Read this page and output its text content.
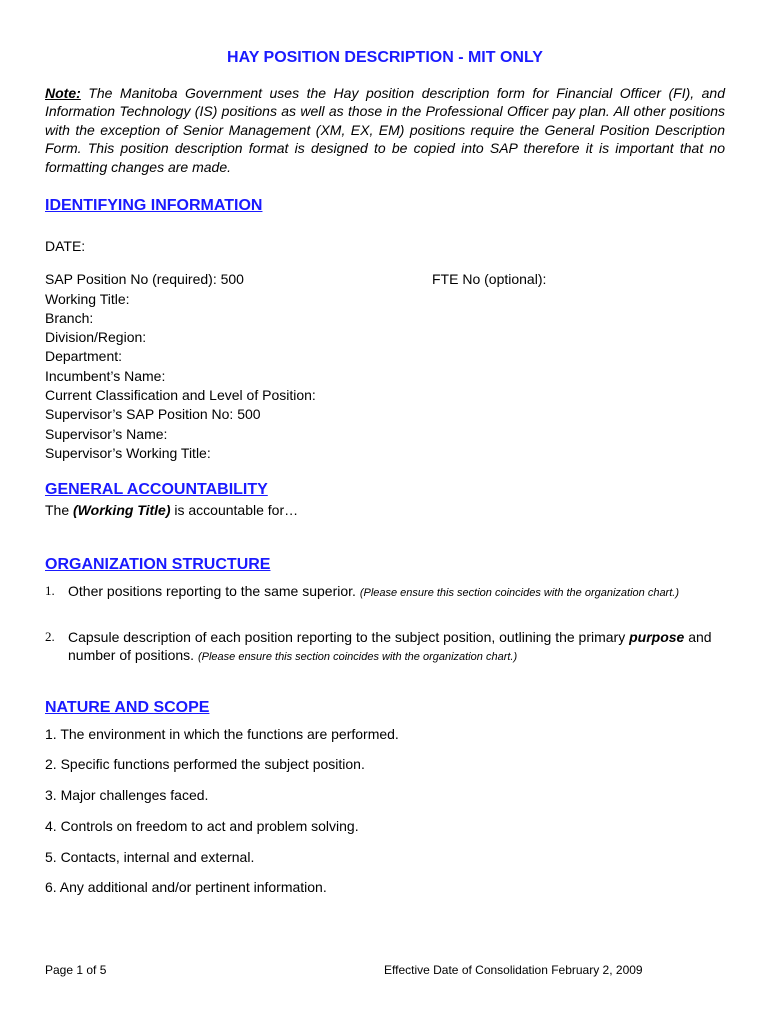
HAY POSITION DESCRIPTION - MIT ONLY
Note: The Manitoba Government uses the Hay position description form for Financial Officer (FI), and Information Technology (IS) positions as well as those in the Professional Officer pay plan. All other positions with the exception of Senior Management (XM, EX, EM) positions require the General Position Description Form. This position description format is designed to be copied into SAP therefore it is important that no formatting changes are made.
IDENTIFYING INFORMATION
DATE:
SAP Position No (required): 500	FTE No (optional):
Working Title:
Branch:
Division/Region:
Department:
Incumbent’s Name:
Current Classification and Level of Position:
Supervisor’s SAP Position No: 500
Supervisor’s Name:
Supervisor’s Working Title:
GENERAL ACCOUNTABILITY
The (Working Title) is accountable for…
ORGANIZATION STRUCTURE
1. Other positions reporting to the same superior. (Please ensure this section coincides with the organization chart.)
2. Capsule description of each position reporting to the subject position, outlining the primary purpose and number of positions. (Please ensure this section coincides with the organization chart.)
NATURE AND SCOPE
1. The environment in which the functions are performed.
2. Specific functions performed the subject position.
3. Major challenges faced.
4. Controls on freedom to act and problem solving.
5. Contacts, internal and external.
6. Any additional and/or pertinent information.
Page 1 of 5	Effective Date of Consolidation February 2, 2009
